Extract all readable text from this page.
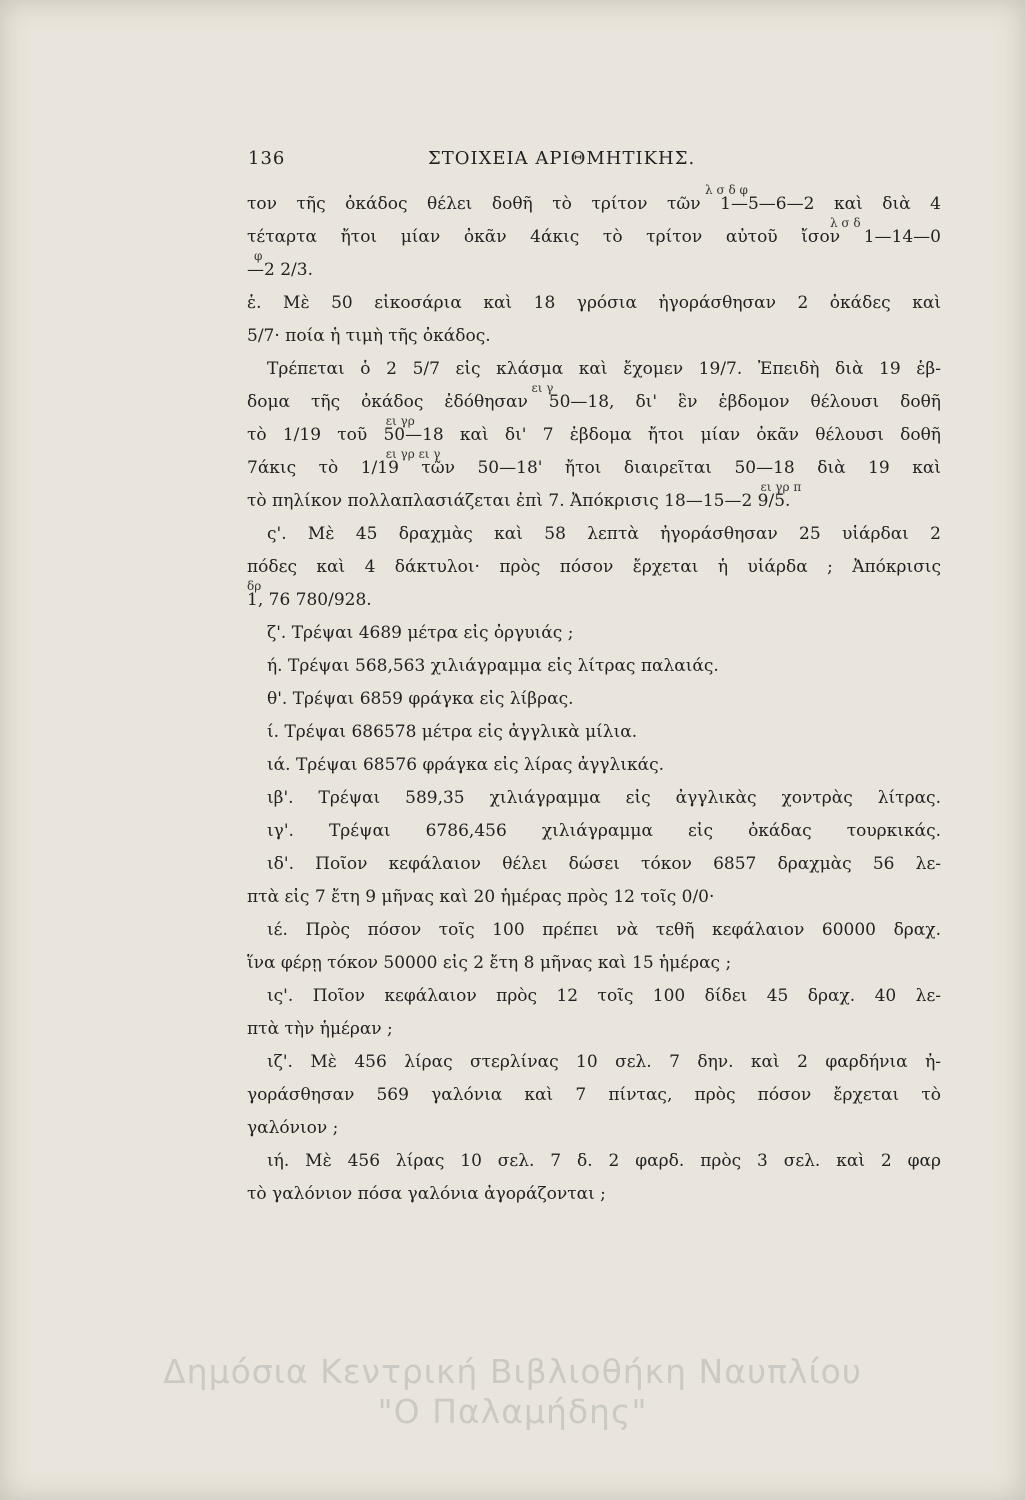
136	ΣΤΟΙΧΕΙΑ ΑΡΙΘΜΗΤΙΚΗΣ.
λ σ δ φ
τον τῆς ὀκάδος θέλει δοθῆ τὸ τρίτον τῶν 1—5—6—2 καὶ διὰ 4
λ σ δ
τέταρτα ἤτοι μίαν ὀκᾶν 4άκις τὸ τρίτον αὐτοῦ ἴσον 1—14—0
φ
—2 2/3.
ἑ. Μὲ 50 εἰκοσάρια καὶ 18 γρόσια ἠγοράσθησαν 2 ὀκάδες καὶ
5/7· ποία ἡ τιμὴ τῆς ὀκάδος.
Τρέπεται ὁ 2 5/7 εἰς κλάσμα καὶ ἔχομεν 19/7. Ἐπειδὴ διὰ 19 ἑβ-
ει γ
δομα τῆς ὀκάδος ἐδόθησαν 50—18, δι' ἓν ἑβδομον θέλουσι δοθῆ
ει γρ
τὸ 1/19 τοῦ 50—18 καὶ δι' 7 ἑβδομα ἤτοι μίαν ὀκᾶν θέλουσι δοθῆ
ει γρ ει γ
7άκις τὸ 1/19 τῶν 50—18' ἤτοι διαιρεῖται 50—18 διὰ 19 καὶ
ει γρ π
τὸ πηλίκον πολλαπλασιάζεται ἐπὶ 7. Ἀπόκρισις 18—15—2 9/5.
ς'. Μὲ 45 δραχμὰς καὶ 58 λεπτὰ ἠγοράσθησαν 25 υἱάρδαι 2
πόδες καὶ 4 δάκτυλοι· πρὸς πόσον ἔρχεται ἡ υἱάρδα ; Ἀπόκρισις
δρ
1, 76 780/928.
ζ'. Τρέψαι 4689 μέτρα εἰς ὀργυιάς ;
ή. Τρέψαι 568,563 χιλιάγραμμα εἰς λίτρας παλαιάς.
θ'. Τρέψαι 6859 φράγκα εἰς λίβρας.
ί. Τρέψαι 686578 μέτρα εἰς ἀγγλικὰ μίλια.
ιά. Τρέψαι 68576 φράγκα εἰς λίρας ἀγγλικάς.
ιβ'. Τρέψαι 589,35 χιλιάγραμμα εἰς ἀγγλικὰς χοντρὰς λίτρας.
ιγ'. Τρέψαι 6786,456 χιλιάγραμμα εἰς ὀκάδας τουρκικάς.
ιδ'. Ποῖον κεφάλαιον θέλει δώσει τόκον 6857 δραχμὰς 56 λε-
πτὰ εἰς 7 ἔτη 9 μῆνας καὶ 20 ἡμέρας πρὸς 12 τοῖς 0/0·
ιέ. Πρὸς πόσον τοῖς 100 πρέπει νὰ τεθῆ κεφάλαιον 60000 δραχ.
ἵνα φέρῃ τόκον 50000 εἰς 2 ἔτη 8 μῆνας καὶ 15 ἡμέρας ;
ις'. Ποῖον κεφάλαιον πρὸς 12 τοῖς 100 δίδει 45 δραχ. 40 λε-
πτὰ τὴν ἡμέραν ;
ιζ'. Μὲ 456 λίρας στερλίνας 10 σελ. 7 δην. καὶ 2 φαρδήνια ἠ-
γοράσθησαν 569 γαλόνια καὶ 7 πίντας, πρὸς πόσον ἔρχεται τὸ
γαλόνιον ;
ιή. Μὲ 456 λίρας 10 σελ. 7 δ. 2 φαρδ. πρὸς 3 σελ. καὶ 2 φαρ
τὸ γαλόνιον πόσα γαλόνια ἀγοράζονται ;
Δημόσια Κεντρική Βιβλιοθήκη Ναυπλίου
"Ο Παλαμήδης"
